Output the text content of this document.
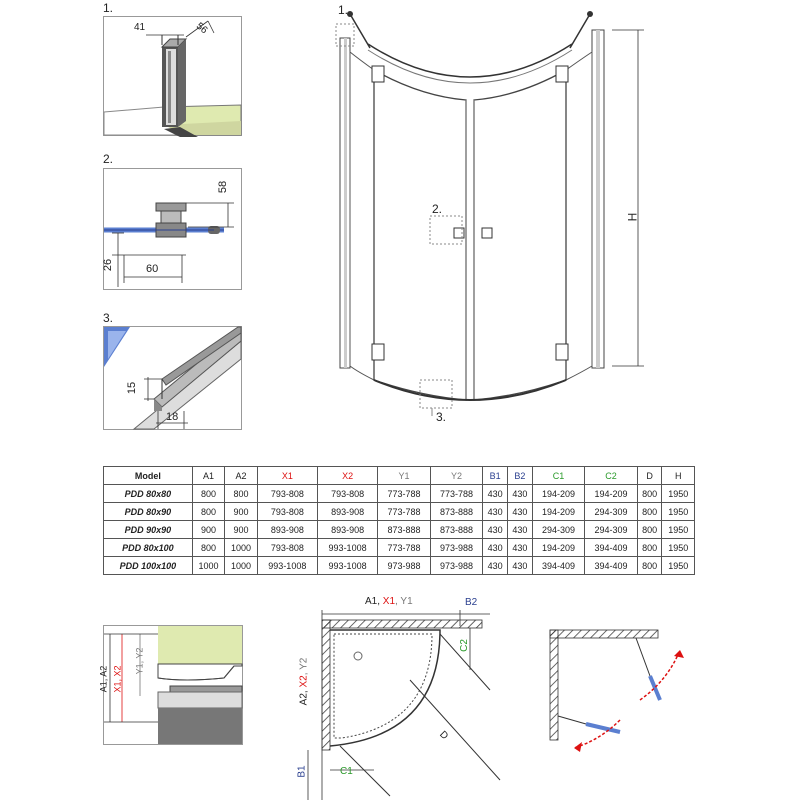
1.
41	56
2.
58
26	60
3.
15
18
1.
2.
3.
H
Model	A1	A2	X1	X2	Y1	Y2	B1	B2	C1	C2	D	H
PDD 80x80	800	800	793-808	793-808	773-788	773-788	430	430	194-209	194-209	800	1950
PDD 80x90	800	900	793-808	893-908	773-788	873-888	430	430	194-209	294-309	800	1950
PDD 90x90	900	900	893-908	893-908	873-888	873-888	430	430	294-309	294-309	800	1950
PDD 80x100	800	1000	793-808	993-1008	773-788	973-988	430	430	194-209	394-409	800	1950
PDD 100x100	1000	1000	993-1008	993-1008	973-988	973-988	430	430	394-409	394-409	800	1950
A1, A2 X1, X2
Y1, Y2
A1, X1, Y1	B2
A2, X2, Y2
B1	C1
C2
D
